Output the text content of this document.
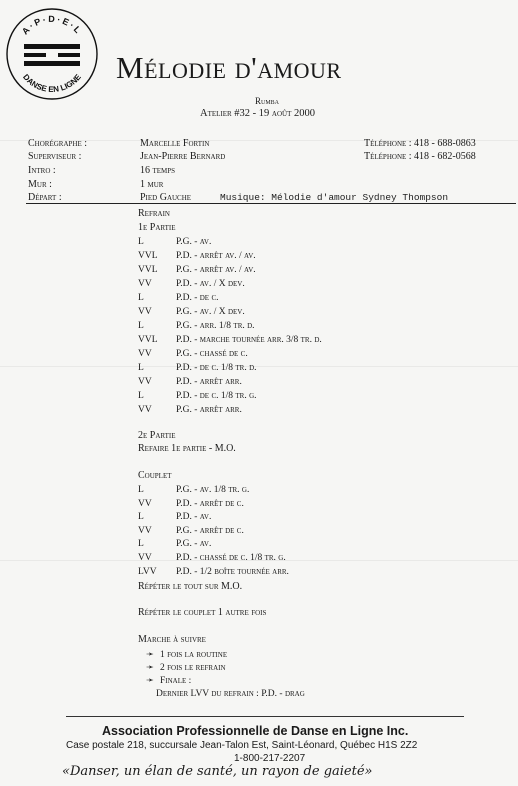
A·P·D·E·L
DANSE EN LIGNE Mélodie d'amour
Rumba
Atelier #32 - 19 août 2000
Chorégraphe :	Marcelle Fortin	Téléphone : 418 - 688-0863
Superviseur :	Jean-Pierre Bernard	Téléphone : 418 - 682-0568
Intro :	16 temps
Mur :	1 mur
Départ :	Pied Gauche	Musique: Mélodie d'amour Sydney Thompson
Refrain
1e Partie
L	P.G. - av.
VVL	P.D. - arrêt av. / av.
VVL	P.G. - arrêt av. / av.
VV	P.D. - av. / X dev.
L	P.D. - de c.
VV	P.G. - av. / X dev.
L	P.G. - arr. 1/8 tr. d.
VVL	P.D. - marche tournée arr. 3/8 tr. d.
VV	P.G. - chassé de c.
L	P.D. - de c. 1/8 tr. d.
VV	P.D. - arrêt arr.
L	P.D. - de c. 1/8 tr. g.
VV	P.G. - arrêt arr.
2e Partie
Refaire 1e partie - M.O.
Couplet
L	P.G. - av. 1/8 tr. g.
VV	P.D. - arrêt de c.
L	P.D. - av.
VV	P.G. - arrêt de c.
L	P.G. - av.
VV	P.D. - chassé de c. 1/8 tr. g.
LVV	P.D. - 1/2 boîte tournée arr.
Répéter le tout sur M.O.
Répéter le couplet 1 autre fois
Marche à suivre
➛ 1 fois la routine
➛ 2 fois le refrain
➛ Finale :
Dernier LVV du refrain : P.D. - drag
Association Professionnelle de Danse en Ligne Inc.
Case postale 218, succursale Jean-Talon Est, Saint-Léonard, Québec H1S 2Z2
1-800-217-2207
«Danser, un élan de santé, un rayon de gaieté»
